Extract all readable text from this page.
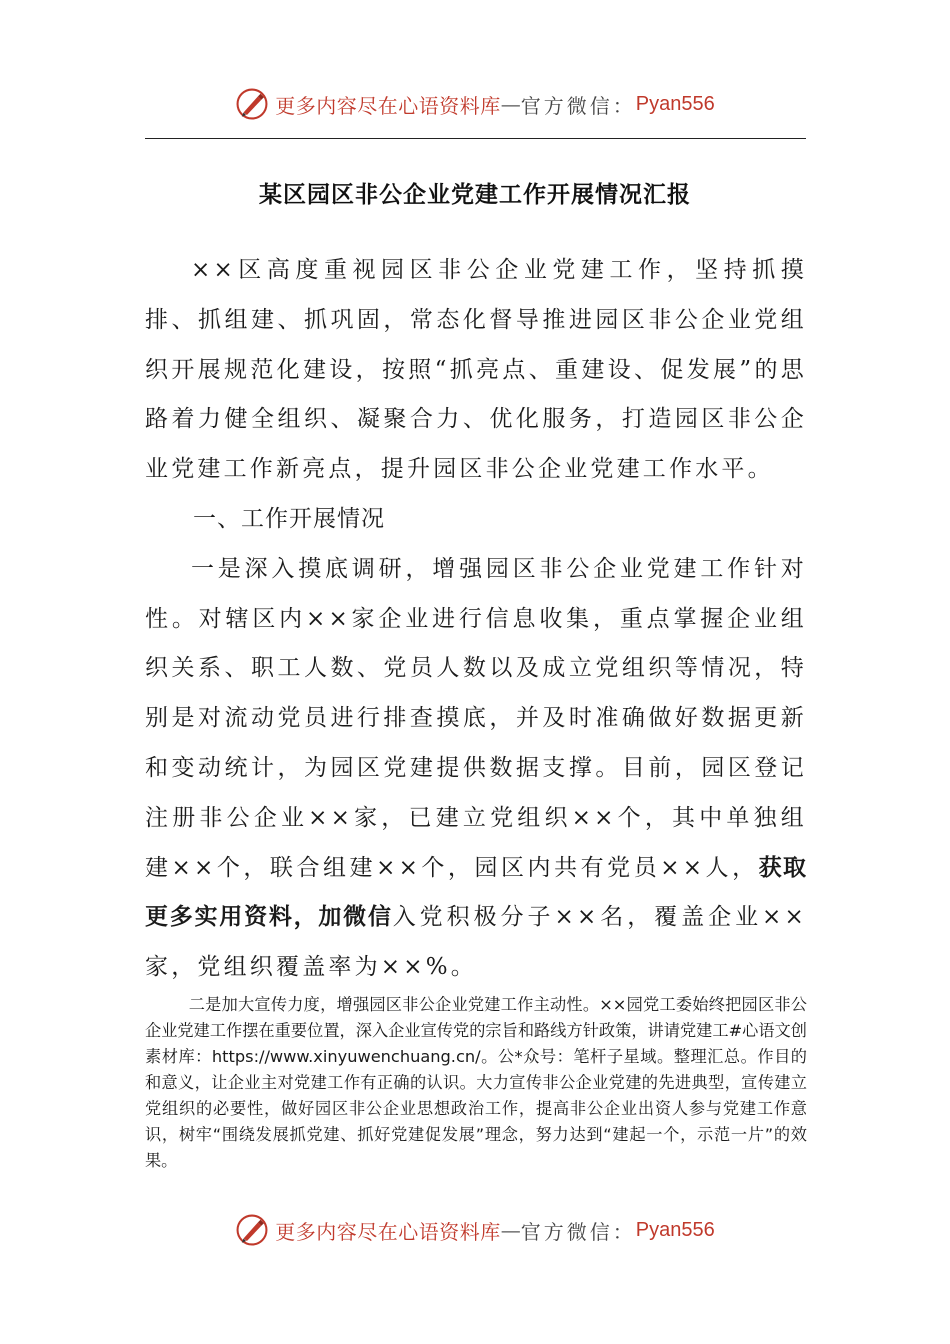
更多内容尽在心语资料库 — 官方微信： Pyan556
某区园区非公企业党建工作开展情况汇报

××区高度重视园区非公企业党建工作，坚持抓摸排、抓组建、抓巩固，常态化督导推进园区非公企业党组织开展规范化建设，按照“抓亮点、重建设、促发展”的思路着力健全组织、凝聚合力、优化服务，打造园区非公企业党建工作新亮点，提升园区非公企业党建工作水平。

一、工作开展情况

一是深入摸底调研，增强园区非公企业党建工作针对性。对辖区内××家企业进行信息收集，重点掌握企业组织关系、职工人数、党员人数以及成立党组织等情况，特别是对流动党员进行排查摸底，并及时准确做好数据更新和变动统计，为园区党建提供数据支撑。目前，园区登记注册非公企业××家，已建立党组织××个，其中单独组建××个，联合组建××个，园区内共有党员××人，获取更多实用资料，加微信入党积极分子××名，覆盖企业××家，党组织覆盖率为××%。

二是加大宣传力度，增强园区非公企业党建工作主动性。××园党工委始终把园区非公企业党建工作摆在重要位置，深入企业宣传党的宗旨和路线方针政策，讲请党建工#心语文创素材库：https://www.xinyuwenchuang.cn/。公*众号：笔杆子星域。整理汇总。作目的和意义，让企业主对党建工作有正确的认识。大力宣传非公企业党建的先进典型，宣传建立党组织的必要性，做好园区非公企业思想政治工作，提高非公企业出资人参与党建工作意识，树牢“围绕发展抓党建、抓好党建促发展”理念，努力达到“建起一个，示范一片”的效果。

更多内容尽在心语资料库 — 官方微信： Pyan556
